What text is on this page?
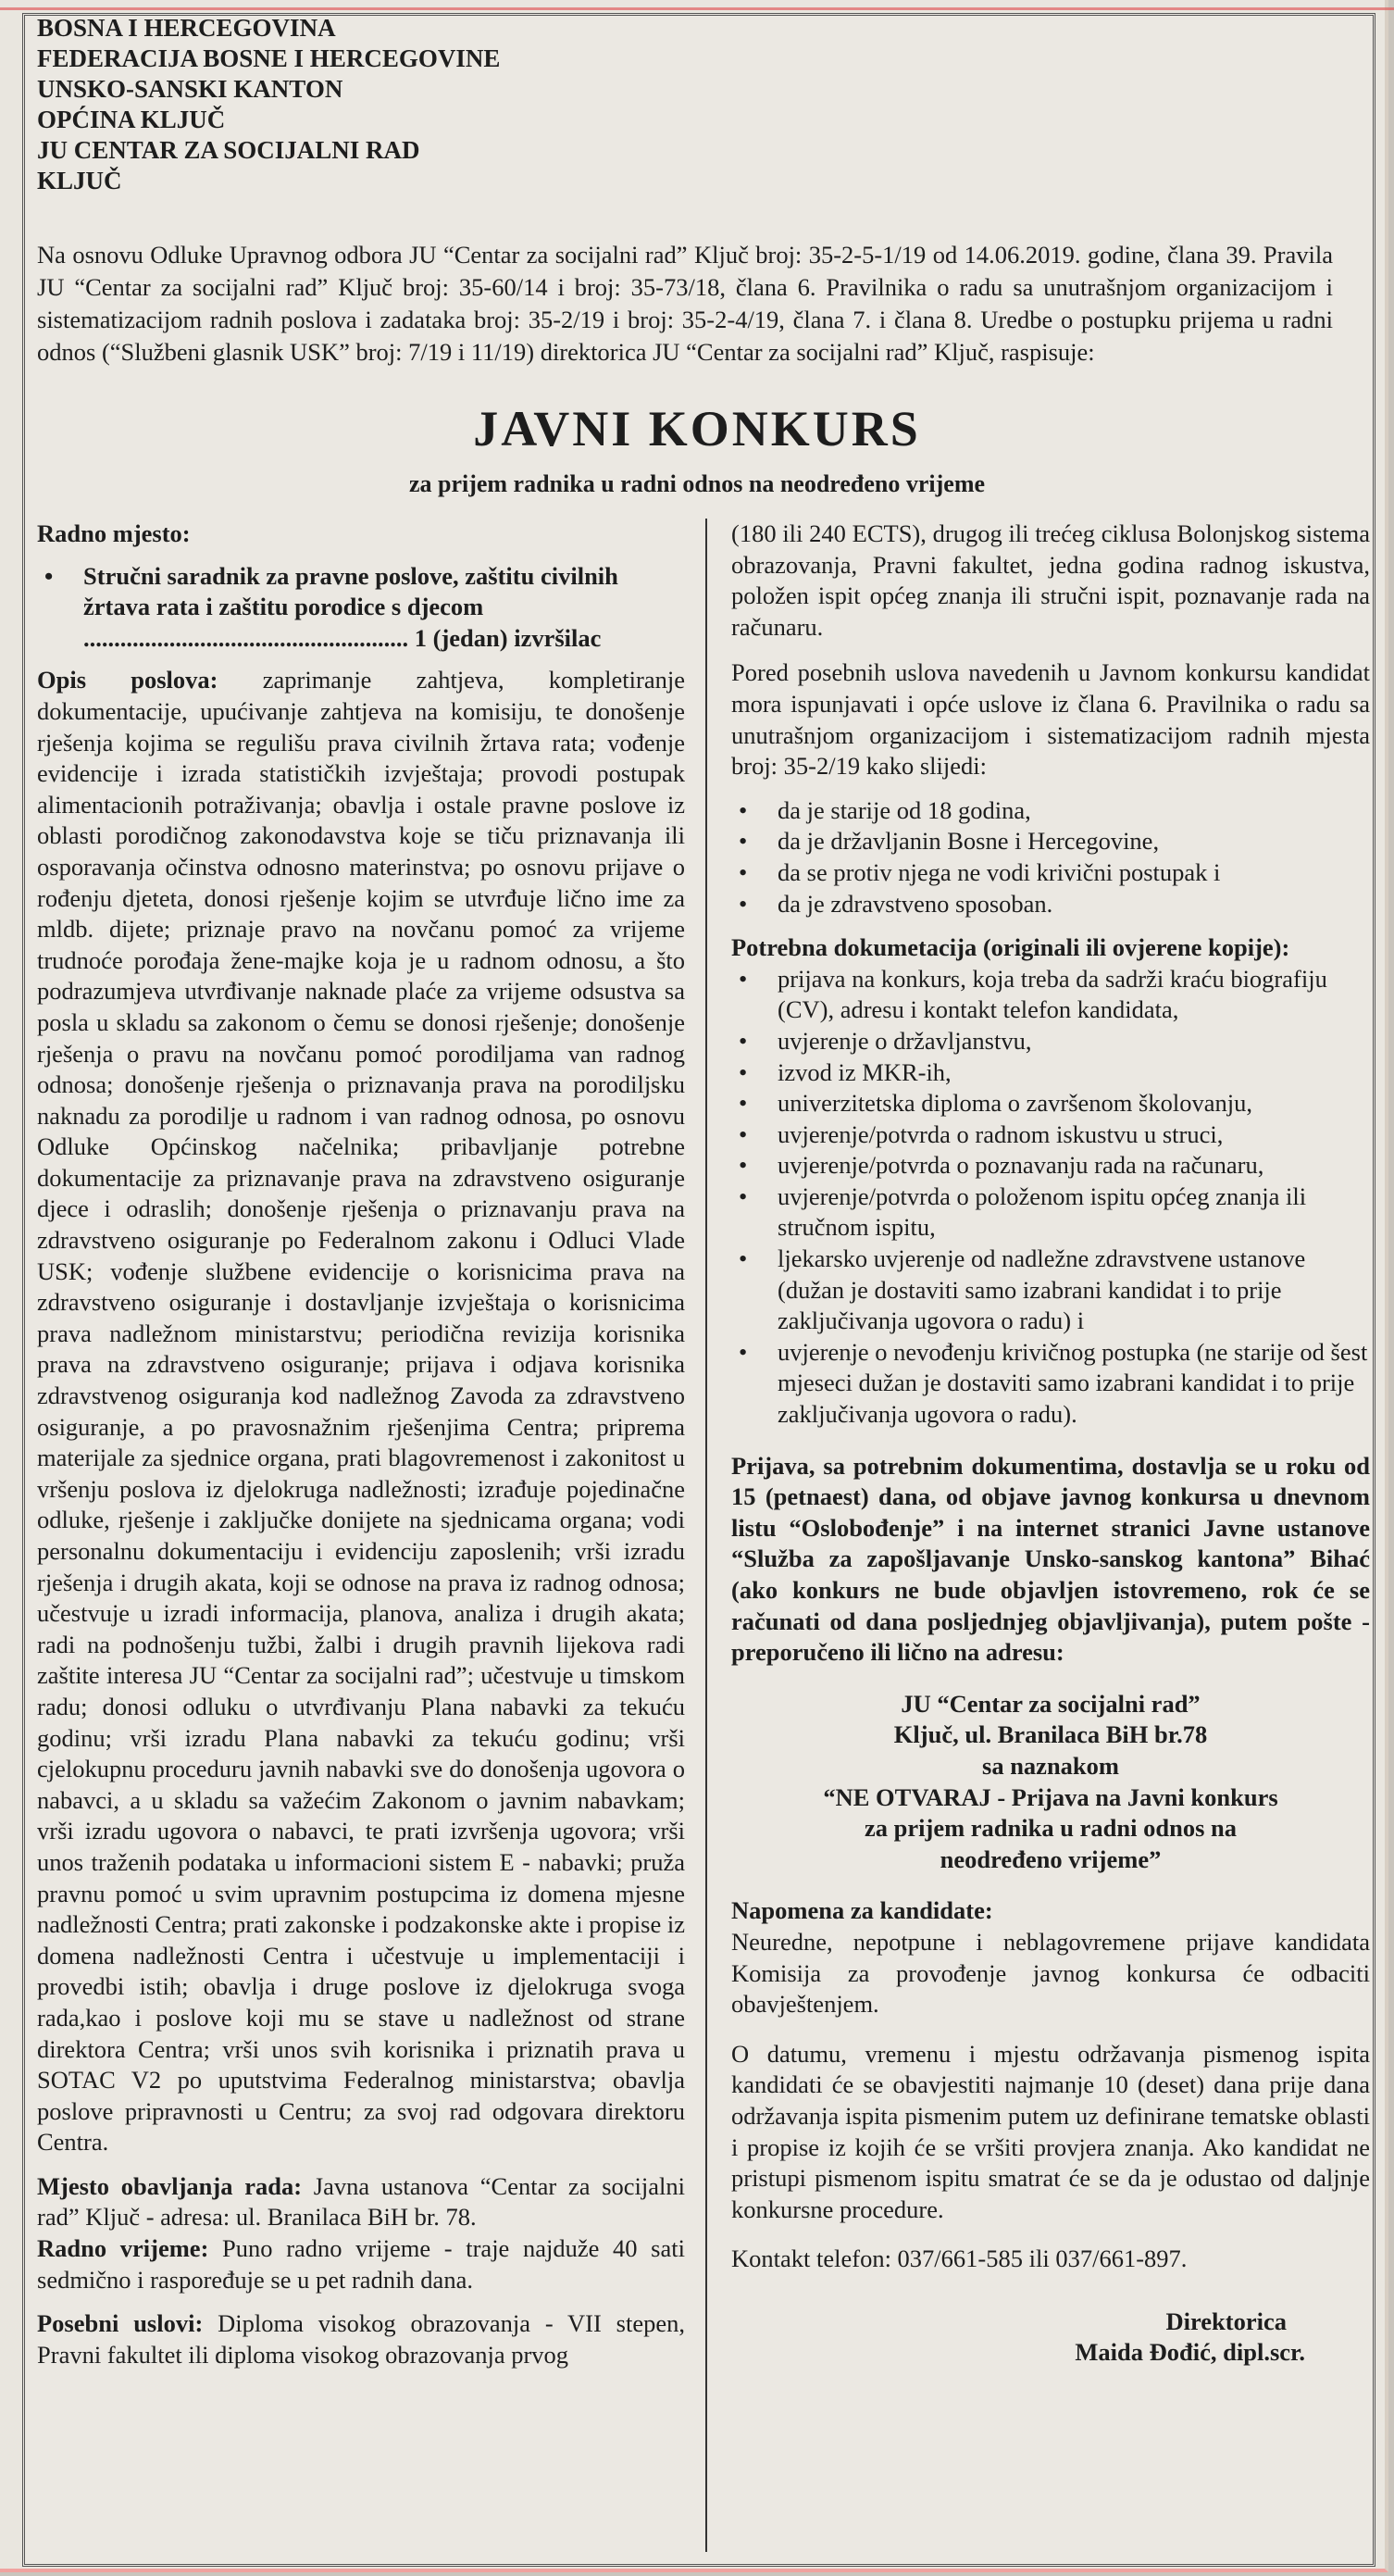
BOSNA I HERCEGOVINA
FEDERACIJA BOSNE I HERCEGOVINE
UNSKO-SANSKI KANTON
OPĆINA KLJUČ
JU CENTAR ZA SOCIJALNI RAD
KLJUČ

Na osnovu Odluke Upravnog odbora JU “Centar za socijalni rad” Ključ broj: 35-2-5-1/19 od 14.06.2019. godine, člana 39. Pravila JU “Centar za socijalni rad” Ključ broj: 35-60/14 i broj: 35-73/18, člana 6. Pravilnika o radu sa unutrašnjom organizacijom i sistematizacijom radnih poslova i zadataka broj: 35-2/19 i broj: 35-2-4/19, člana 7. i člana 8. Uredbe o postupku prijema u radni odnos (“Službeni glasnik USK” broj: 7/19 i 11/19) direktorica JU “Centar za socijalni rad” Ključ, raspisuje:

JAVNI KONKURS
za prijem radnika u radni odnos na neodređeno vrijeme

Radno mjesto:

• Stručni saradnik za pravne poslove, zaštitu civilnih žrtava rata i zaštitu porodice s djecom

..................................................... 1 (jedan) izvršilac

Opis poslova: zaprimanje zahtjeva, kompletiranje dokumentacije, upućivanje zahtjeva na komisiju, te donošenje rješenja kojima se regulišu prava civilnih žrtava rata; vođenje evidencije i izrada statističkih izvještaja; provodi postupak alimentacionih potraživanja; obavlja i ostale pravne poslove iz oblasti porodičnog zakonodavstva koje se tiču priznavanja ili osporavanja očinstva odnosno materinstva; po osnovu prijave o rođenju djeteta, donosi rješenje kojim se utvrđuje lično ime za mldb. dijete; priznaje pravo na novčanu pomoć za vrijeme trudnoće porođaja žene-majke koja je u radnom odnosu, a što podrazumjeva utvrđivanje naknade plaće za vrijeme odsustva sa posla u skladu sa zakonom o čemu se donosi rješenje; donošenje rješenja o pravu na novčanu pomoć porodiljama van radnog odnosa; donošenje rješenja o priznavanja prava na porodiljsku naknadu za porodilje u radnom i van radnog odnosa, po osnovu Odluke Općinskog načelnika; pribavljanje potrebne dokumentacije za priznavanje prava na zdravstveno osiguranje djece i odraslih; donošenje rješenja o priznavanju prava na zdravstveno osiguranje po Federalnom zakonu i Odluci Vlade USK; vođenje službene evidencije o korisnicima prava na zdravstveno osiguranje i dostavljanje izvještaja o korisnicima prava nadležnom ministarstvu; periodična revizija korisnika prava na zdravstveno osiguranje; prijava i odjava korisnika zdravstvenog osiguranja kod nadležnog Zavoda za zdravstveno osiguranje, a po pravosnažnim rješenjima Centra; priprema materijale za sjednice organa, prati blagovremenost i zakonitost u vršenju poslova iz djelokruga nadležnosti; izrađuje pojedinačne odluke, rješenje i zaključke donijete na sjednicama organa; vodi personalnu dokumentaciju i evidenciju zaposlenih; vrši izradu rješenja i drugih akata, koji se odnose na prava iz radnog odnosa; učestvuje u izradi informacija, planova, analiza i drugih akata; radi na podnošenju tužbi, žalbi i drugih pravnih lijekova radi zaštite interesa JU “Centar za socijalni rad”; učestvuje u timskom radu; donosi odluku o utvrđivanju Plana nabavki za tekuću godinu; vrši izradu Plana nabavki za tekuću godinu; vrši cjelokupnu proceduru javnih nabavki sve do donošenja ugovora o nabavci, a u skladu sa važećim Zakonom o javnim nabavkam; vrši izradu ugovora o nabavci, te prati izvršenja ugovora; vrši unos traženih podataka u informacioni sistem E - nabavki; pruža pravnu pomoć u svim upravnim postupcima iz domena mjesne nadležnosti Centra; prati zakonske i podzakonske akte i propise iz domena nadležnosti Centra i učestvuje u implementaciji i provedbi istih; obavlja i druge poslove iz djelokruga svoga rada,kao i poslove koji mu se stave u nadležnost od strane direktora Centra; vrši unos svih korisnika i priznatih prava u SOTAC V2 po uputstvima Federalnog ministarstva; obavlja poslove pripravnosti u Centru; za svoj rad odgovara direktoru Centra.

Mjesto obavljanja rada: Javna ustanova “Centar za socijalni rad” Ključ - adresa: ul. Branilaca BiH br. 78.

Radno vrijeme: Puno radno vrijeme - traje najduže 40 sati sedmično i raspoređuje se u pet radnih dana.

Posebni uslovi: Diploma visokog obrazovanja - VII stepen, Pravni fakultet ili diploma visokog obrazovanja prvog

(180 ili 240 ECTS), drugog ili trećeg ciklusa Bolonjskog sistema obrazovanja, Pravni fakultet, jedna godina radnog iskustva, položen ispit općeg znanja ili stručni ispit, poznavanje rada na računaru.

Pored posebnih uslova navedenih u Javnom konkursu kandidat mora ispunjavati i opće uslove iz člana 6. Pravilnika o radu sa unutrašnjom organizacijom i sistematizacijom radnih mjesta broj: 35-2/19 kako slijedi:

• da je starije od 18 godina,
• da je državljanin Bosne i Hercegovine,
• da se protiv njega ne vodi krivični postupak i
• da je zdravstveno sposoban.

Potrebna dokumetacija (originali ili ovjerene kopije):

• prijava na konkurs, koja treba da sadrži kraću biografiju (CV), adresu i kontakt telefon kandidata,
• uvjerenje o državljanstvu,
• izvod iz MKR-ih,
• univerzitetska diploma o završenom školovanju,
• uvjerenje/potvrda o radnom iskustvu u struci,
• uvjerenje/potvrda o poznavanju rada na računaru,
• uvjerenje/potvrda o položenom ispitu općeg znanja ili stručnom ispitu,
• ljekarsko uvjerenje od nadležne zdravstvene ustanove (dužan je dostaviti samo izabrani kandidat i to prije zaključivanja ugovora o radu) i
• uvjerenje o nevođenju krivičnog postupka (ne starije od šest mjeseci dužan je dostaviti samo izabrani kandidat i to prije zaključivanja ugovora o radu).

Prijava, sa potrebnim dokumentima, dostavlja se u roku od 15 (petnaest) dana, od objave javnog konkursa u dnevnom listu “Oslobođenje” i na internet stranici Javne ustanove “Služba za zapošljavanje Unsko-sanskog kantona” Bihać (ako konkurs ne bude objavljen istovremeno, rok će se računati od dana posljednjeg objavljivanja), putem pošte - preporučeno ili lično na adresu:

JU “Centar za socijalni rad”
Ključ, ul. Branilaca BiH br.78
sa naznakom
“NE OTVARAJ - Prijava na Javni konkurs
za prijem radnika u radni odnos na
neodređeno vrijeme”

Napomena za kandidate:

Neuredne, nepotpune i neblagovremene prijave kandidata Komisija za provođenje javnog konkursa će odbaciti obavještenjem.

O datumu, vremenu i mjestu održavanja pismenog ispita kandidati će se obavjestiti najmanje 10 (deset) dana prije dana održavanja ispita pismenim putem uz definirane tematske oblasti i propise iz kojih će se vršiti provjera znanja. Ako kandidat ne pristupi pismenom ispitu smatrat će se da je odustao od daljnje konkursne procedure.

Kontakt telefon: 037/661-585 ili 037/661-897.

Direktorica
Maida Đođić, dipl.scr.
